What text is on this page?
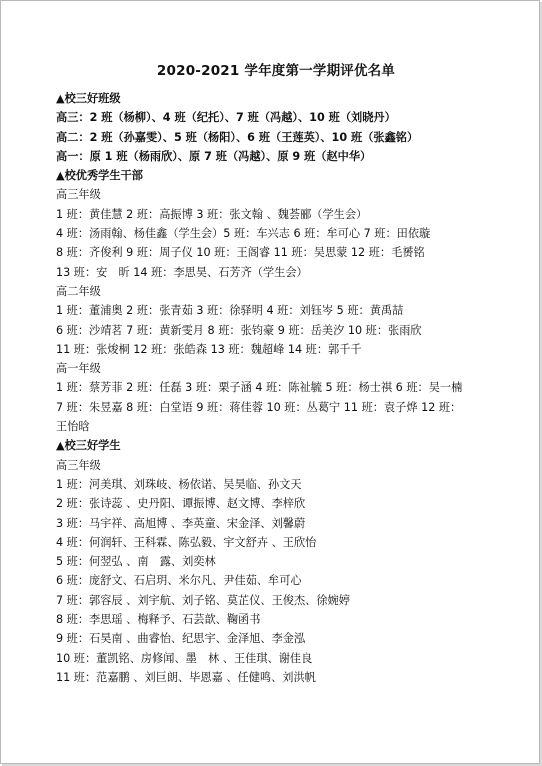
2020-2021 学年度第一学期评优名单
▲校三好班级
高三：2 班（杨柳）、4 班（纪托）、7 班（冯越）、10 班（刘晓丹）
高二：2 班（孙嘉雯）、5 班（杨阳）、6 班（王莲英）、10 班（张鑫铭）
高一：原 1 班（杨雨欣）、原 7 班（冯越）、原 9 班（赵中华）
▲校优秀学生干部
高三年级
1 班：黄佳慧 2 班：高振博 3 班：张文翰 、魏荟郦（学生会）
4 班：汤雨翰、杨佳鑫（学生会）5 班：车兴志 6 班：牟可心 7 班：田依璇
8 班：齐俊利 9 班：周子仪 10 班：王阁睿 11 班：吴思蒙 12 班：毛赟铭
13 班：安　昕 14 班：李思昊、石芳齐（学生会）
高二年级
1 班：董浦奥 2 班：张青茹 3 班：徐驿明 4 班：刘钰岑 5 班：黄禹喆
6 班：沙靖茗 7 班：黄新雯月 8 班：张钧豪 9 班：岳美汐 10 班：张雨欣
11 班：张焌桐 12 班：张皓森 13 班：魏超峰 14 班：郭千千
高一年级
1 班：蔡芳菲 2 班：任磊 3 班：栗子涵 4 班：陈祉毓 5 班：杨士祺 6 班：吴一楠
7 班：朱昱嘉 8 班：白堂语 9 班：蒋佳蓉 10 班：丛葛宁 11 班：袁子烨 12 班：
王怡晗
▲校三好学生
高三年级
1 班：河美琪、刘珠岐、杨依诺、吴昊临、孙文天
2 班：张诗蕊 、史丹阳、谭振博、赵文博、李梓欣
3 班：马宇祥、高旭博 、李英童、宋金泽、刘馨蔚
4 班：何润轩、王科霖、陈弘毅、宇文舒卉 、王欣怡
5 班：何翌弘 、南　露、刘奕林
6 班：庞舒文、石启玥、米尔凡、尹佳茹、牟可心
7 班：郭容辰 、刘宇航、刘子铭、莫芷仪、王俊杰、徐婉婷
8 班：李思瑶 、梅释予、石芸歆、鞠函书
9 班：石昊南 、曲睿怡、纪思宇、金泽旭、李金泓
10 班：董凯铭、房修闻、墨　林 、王佳琪、谢佳良
11 班：范嘉鹏 、刘巨朗、毕恩嘉 、任健鸣、刘洪帆
